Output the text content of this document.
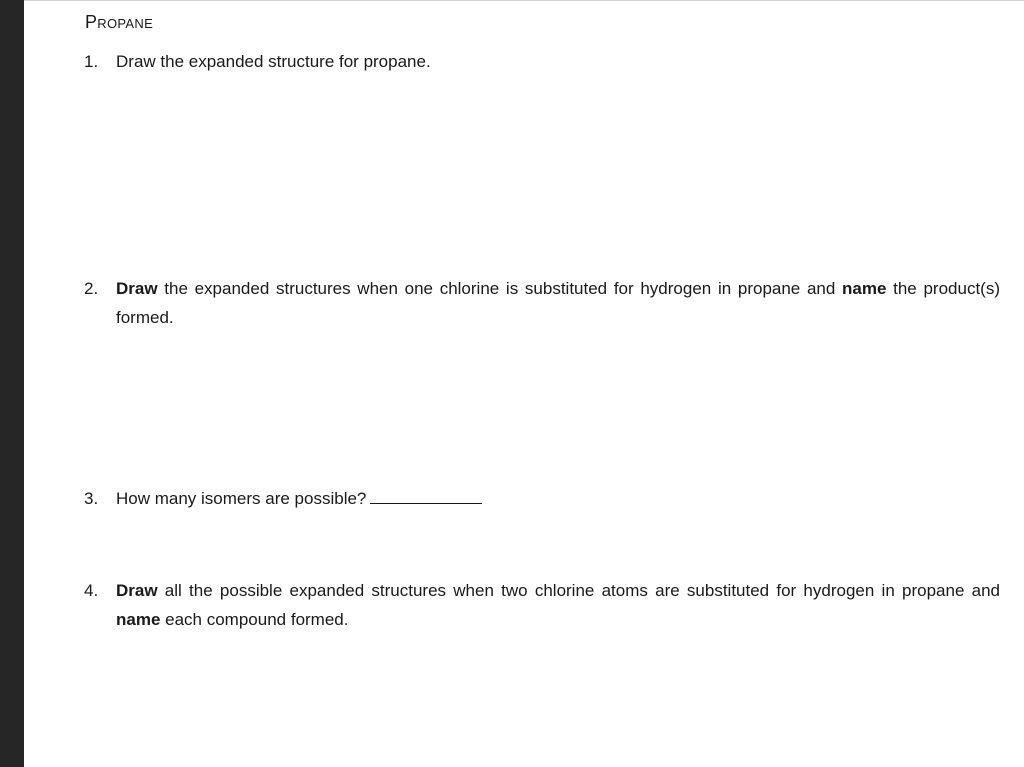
Propane
1.	Draw the expanded structure for propane.
2.	Draw the expanded structures when one chlorine is substituted for hydrogen in propane and name the product(s) formed.
3.	How many isomers are possible?
4.	Draw all the possible expanded structures when two chlorine atoms are substituted for hydrogen in propane and name each compound formed.
